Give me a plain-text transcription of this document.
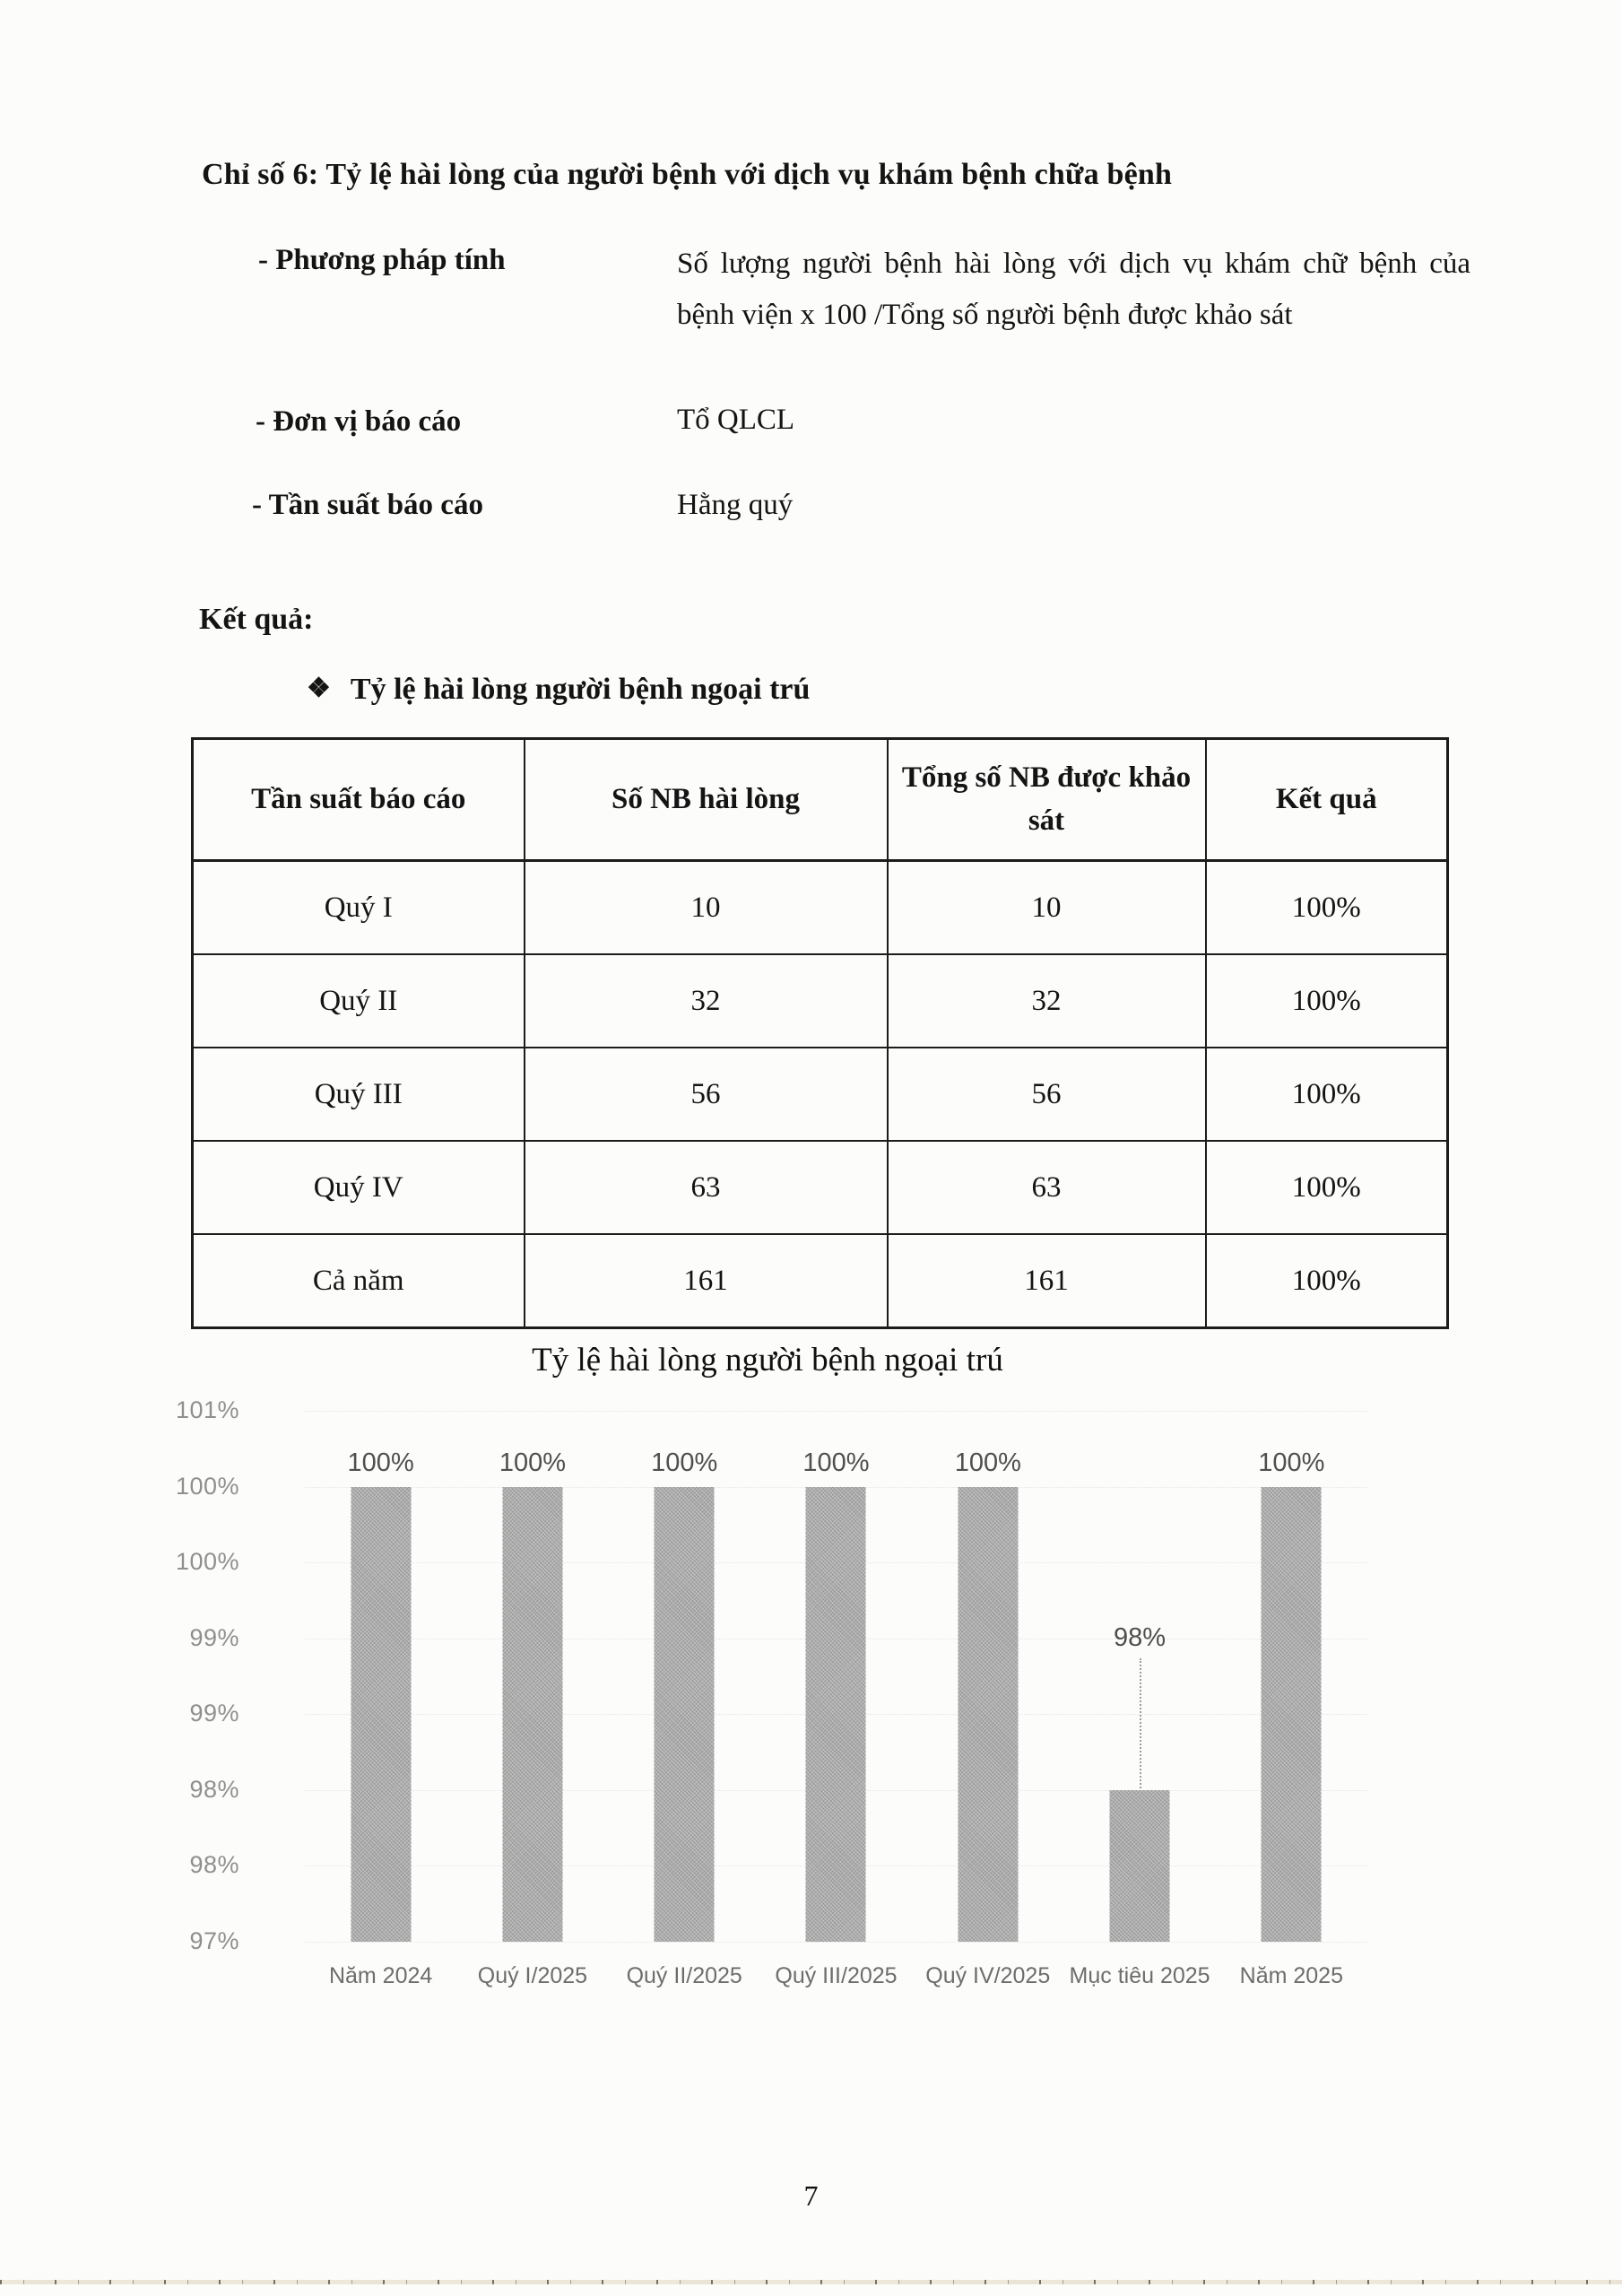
Chỉ số 6: Tỷ lệ hài lòng của người bệnh với dịch vụ khám bệnh chữa bệnh
- Phương pháp tính	Số lượng người bệnh hài lòng với dịch vụ khám chữ bệnh của bệnh viện x 100 /Tổng số người bệnh được khảo sát
- Đơn vị báo cáo	Tổ QLCL
- Tần suất báo cáo	Hằng quý
Kết quả:
❖ Tỷ lệ hài lòng người bệnh ngoại trú
Tần suất báo cáo	Số NB hài lòng	Tổng số NB được khảo sát	Kết quả
Quý I	10	10	100%
Quý II	32	32	100%
Quý III	56	56	100%
Quý IV	63	63	100%
Cả năm	161	161	100%
Tỷ lệ hài lòng người bệnh ngoại trú
101%
100%
100%
99%
99%
98%
98%
97%
100%	100%	100%	100%	100%
98%
100%
Năm 2024	Quý I/2025	Quý II/2025	Quý III/2025	Quý IV/2025 Mục tiêu 2025	Năm 2025
7
